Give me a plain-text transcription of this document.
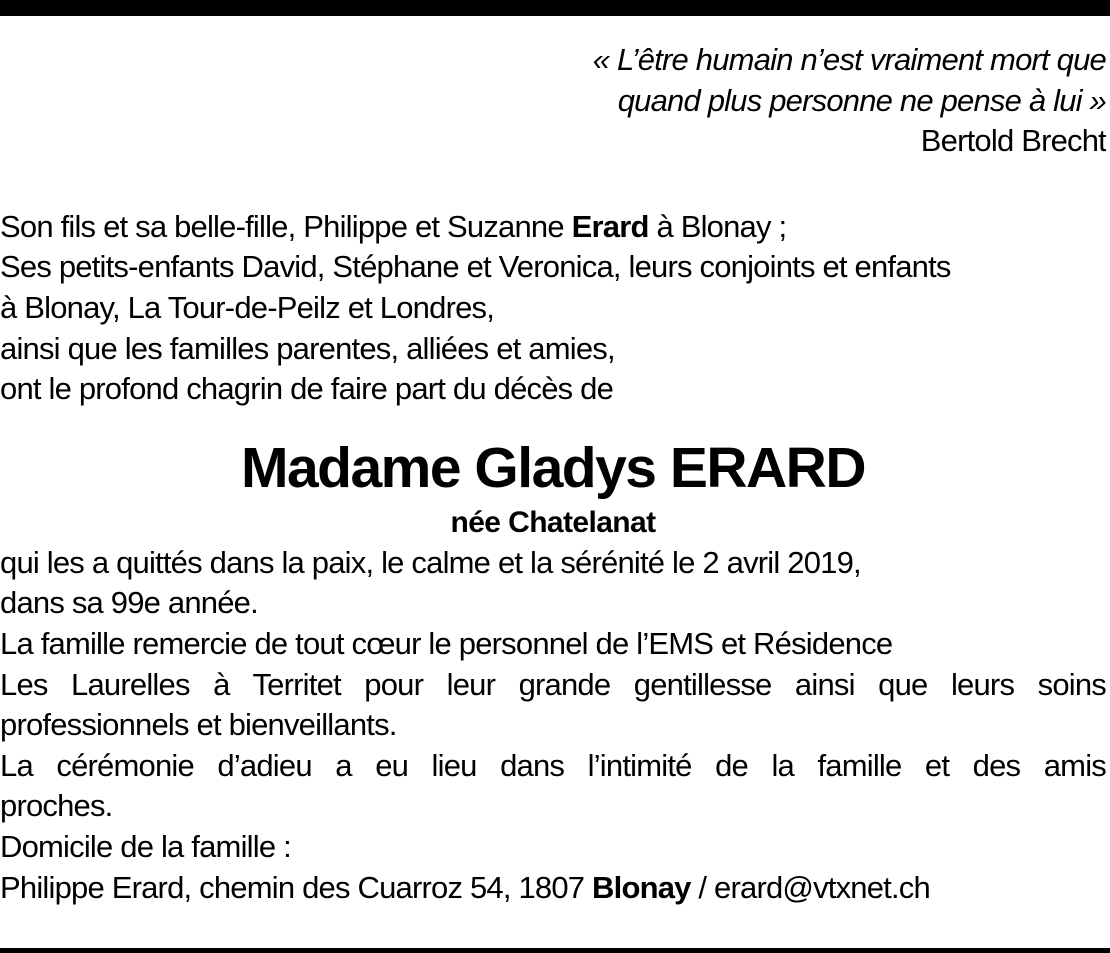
« L’être humain n’est vraiment mort que
quand plus personne ne pense à lui »
Bertold Brecht
Son fils et sa belle-fille, Philippe et Suzanne Erard à Blonay ;
Ses petits-enfants David, Stéphane et Veronica, leurs conjoints et enfants
à Blonay, La Tour-de-Peilz et Londres,
ainsi que les familles parentes, alliées et amies,
ont le profond chagrin de faire part du décès de
Madame Gladys ERARD
née Chatelanat
qui les a quittés dans la paix, le calme et la sérénité le 2 avril 2019,
dans sa 99e année.
La famille remercie de tout cœur le personnel de l’EMS et Résidence
Les Laurelles à Territet pour leur grande gentillesse ainsi que leurs soins
professionnels et bienveillants.
La cérémonie d’adieu a eu lieu dans l’intimité de la famille et des amis
proches.
Domicile de la famille :
Philippe Erard, chemin des Cuarroz 54, 1807 Blonay / erard@vtxnet.ch
